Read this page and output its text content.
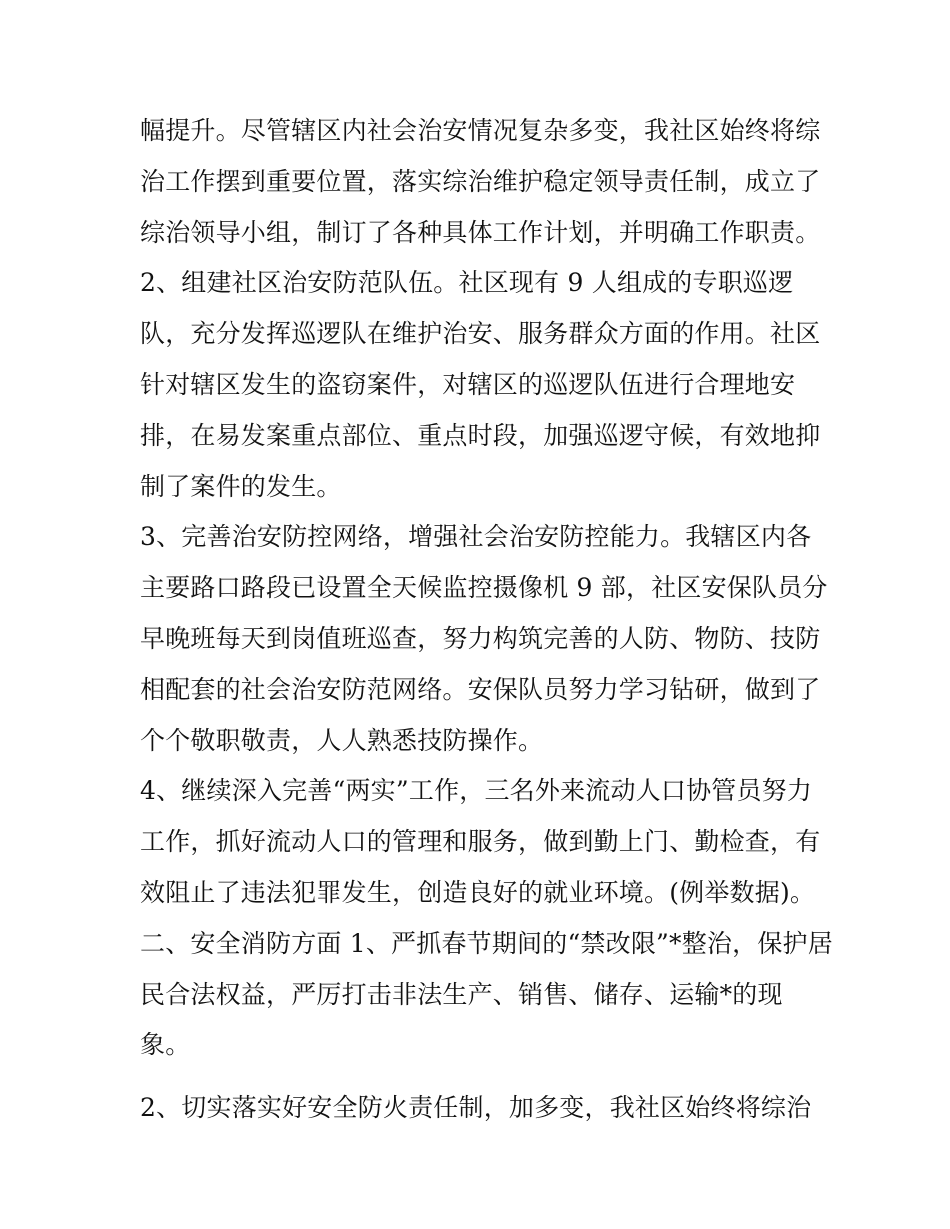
幅提升。尽管辖区内社会治安情况复杂多变，我社区始终将综
治工作摆到重要位置，落实综治维护稳定领导责任制，成立了
综治领导小组，制订了各种具体工作计划，并明确工作职责。
2、组建社区治安防范队伍。社区现有 9 人组成的专职巡逻
队，充分发挥巡逻队在维护治安、服务群众方面的作用。社区
针对辖区发生的盗窃案件，对辖区的巡逻队伍进行合理地安
排，在易发案重点部位、重点时段，加强巡逻守候，有效地抑
制了案件的发生。
3、完善治安防控网络，增强社会治安防控能力。我辖区内各
主要路口路段已设置全天候监控摄像机 9 部，社区安保队员分
早晚班每天到岗值班巡查，努力构筑完善的人防、物防、技防
相配套的社会治安防范网络。安保队员努力学习钻研，做到了
个个敬职敬责，人人熟悉技防操作。
4、继续深入完善“两实”工作，三名外来流动人口协管员努力
工作，抓好流动人口的管理和服务，做到勤上门、勤检查，有
效阻止了违法犯罪发生，创造良好的就业环境。(例举数据)。
二、安全消防方面 1、严抓春节期间的“禁改限”*整治，保护居
民合法权益，严厉打击非法生产、销售、储存、运输*的现
象。
2、切实落实好安全防火责任制，加多变，我社区始终将综治
